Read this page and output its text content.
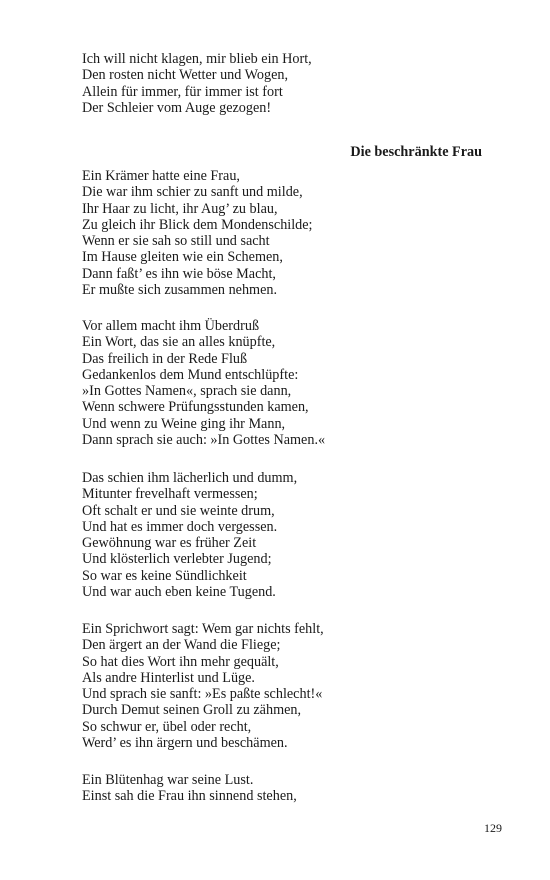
Ich will nicht klagen, mir blieb ein Hort,
Den rosten nicht Wetter und Wogen,
Allein für immer, für immer ist fort
Der Schleier vom Auge gezogen!
Die beschränkte Frau
Ein Krämer hatte eine Frau,
Die war ihm schier zu sanft und milde,
Ihr Haar zu licht, ihr Aug’ zu blau,
Zu gleich ihr Blick dem Mondenschilde;
Wenn er sie sah so still und sacht
Im Hause gleiten wie ein Schemen,
Dann faßt’ es ihn wie böse Macht,
Er mußte sich zusammen nehmen.
Vor allem macht ihm Überdruß
Ein Wort, das sie an alles knüpfte,
Das freilich in der Rede Fluß
Gedankenlos dem Mund entschlüpfte:
»In Gottes Namen«, sprach sie dann,
Wenn schwere Prüfungsstunden kamen,
Und wenn zu Weine ging ihr Mann,
Dann sprach sie auch: »In Gottes Namen.«
Das schien ihm lächerlich und dumm,
Mitunter frevelhaft vermessen;
Oft schalt er und sie weinte drum,
Und hat es immer doch vergessen.
Gewöhnung war es früher Zeit
Und klösterlich verlebter Jugend;
So war es keine Sündlichkeit
Und war auch eben keine Tugend.
Ein Sprichwort sagt: Wem gar nichts fehlt,
Den ärgert an der Wand die Fliege;
So hat dies Wort ihn mehr gequält,
Als andre Hinterlist und Lüge.
Und sprach sie sanft: »Es paßte schlecht!«
Durch Demut seinen Groll zu zähmen,
So schwur er, übel oder recht,
Werd’ es ihn ärgern und beschämen.
Ein Blütenhag war seine Lust.
Einst sah die Frau ihn sinnend stehen,
129
